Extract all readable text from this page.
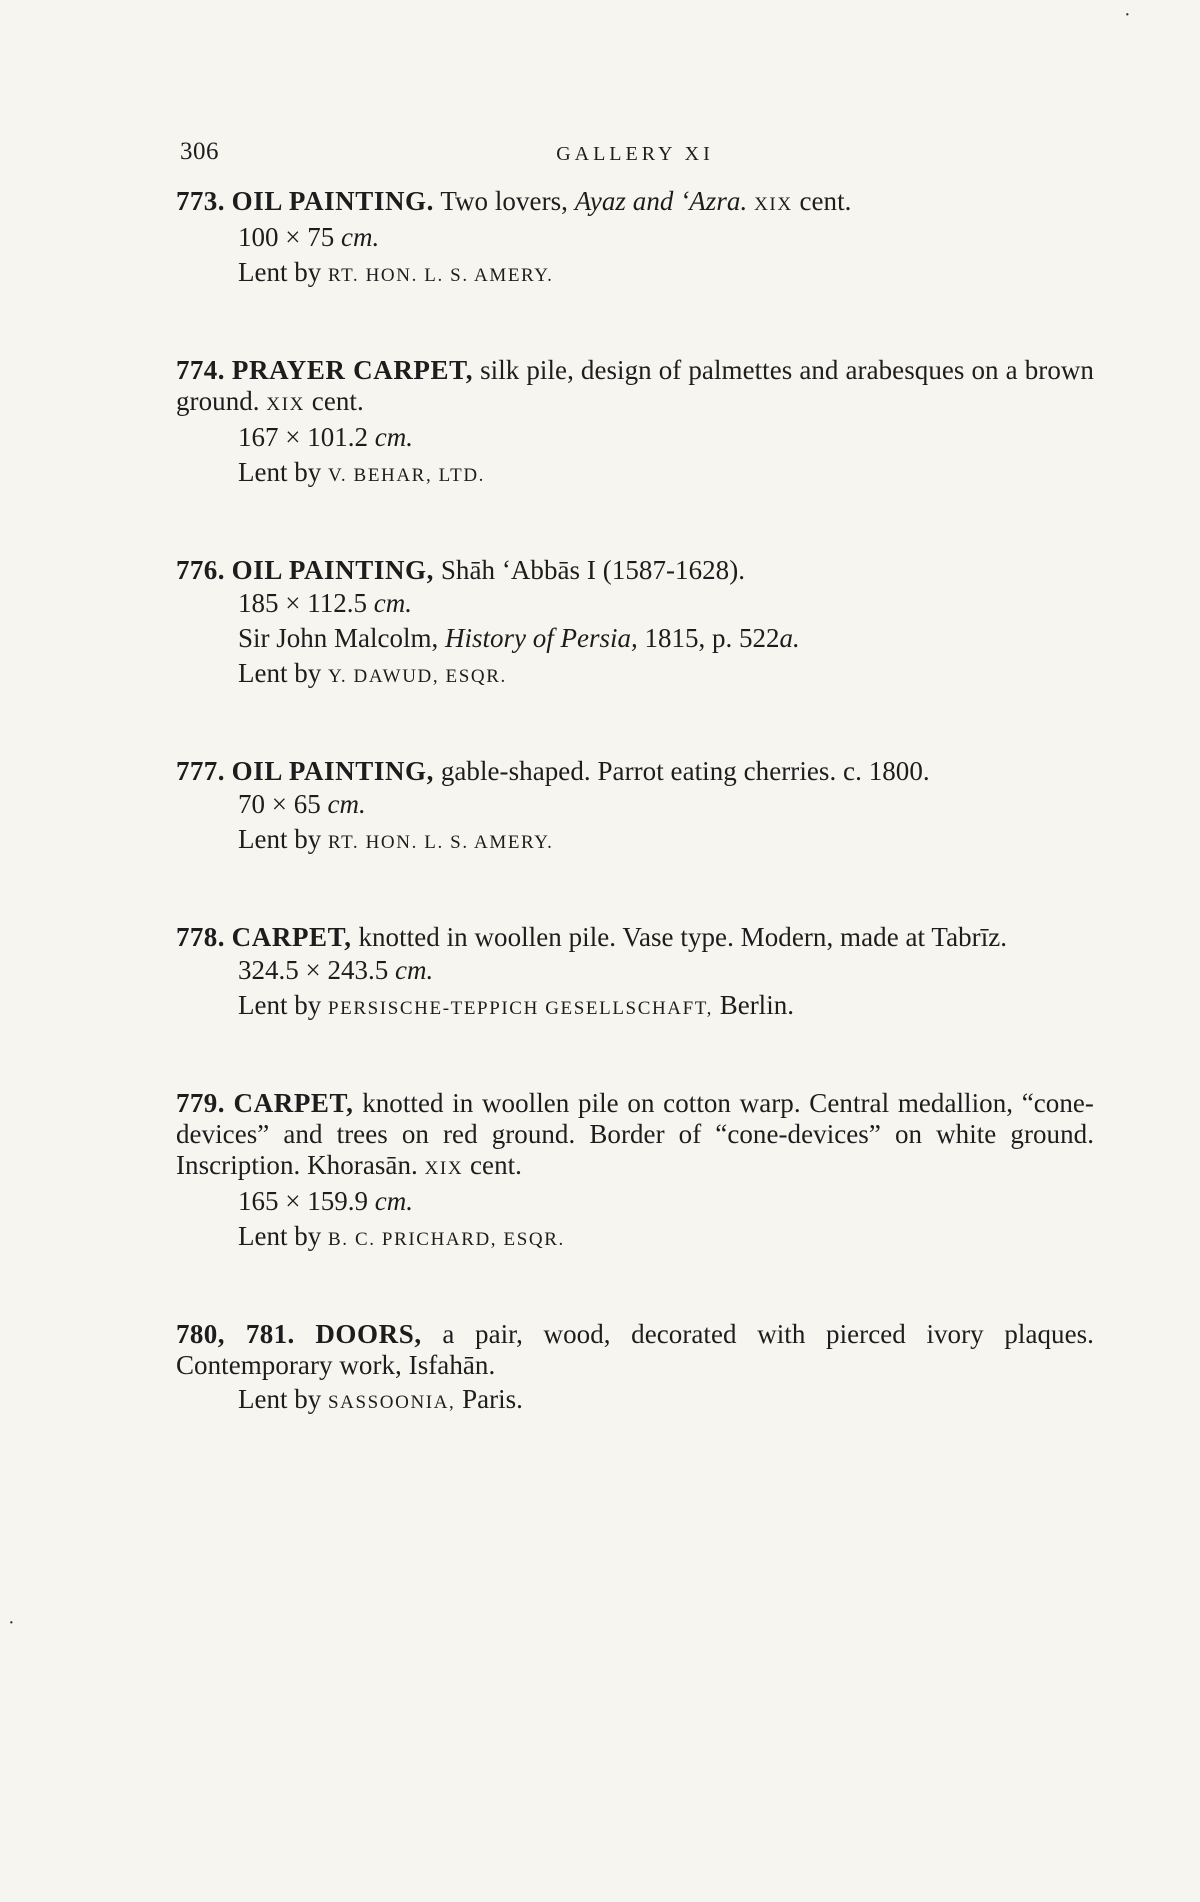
306	GALLERY XI

773. OIL PAINTING. Two lovers, Ayaz and ‘Azra. XIX cent.

100 × 75 cm.
Lent by RT. HON. L. S. AMERY.

774. PRAYER CARPET, silk pile, design of palmettes and arabesques on a brown ground. XIX cent.

167 × 101.2 cm.
Lent by V. BEHAR, LTD.

776. OIL PAINTING, Shāh ‘Abbās I (1587-1628).

185 × 112.5 cm.
Sir John Malcolm, History of Persia, 1815, p. 522a.
Lent by Y. DAWUD, ESQR.

777. OIL PAINTING, gable-shaped. Parrot eating cherries. c. 1800.

70 × 65 cm.
Lent by RT. HON. L. S. AMERY.

778. CARPET, knotted in woollen pile. Vase type. Modern, made at Tabrīz.

324.5 × 243.5 cm.
Lent by PERSISCHE-TEPPICH GESELLSCHAFT, Berlin.

779. CARPET, knotted in woollen pile on cotton warp. Central medallion, “cone-devices” and trees on red ground. Border of “cone-devices” on white ground. Inscription. Khorasān. XIX cent.

165 × 159.9 cm.
Lent by B. C. PRICHARD, ESQR.

780, 781. DOORS, a pair, wood, decorated with pierced ivory plaques. Contemporary work, Isfahān.

Lent by SASSOONIA, Paris.
·
·
